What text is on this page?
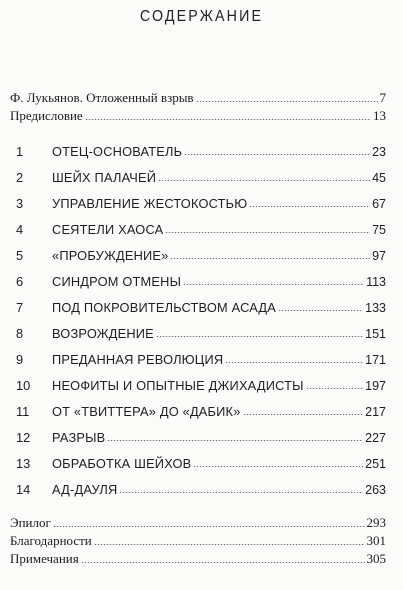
СОДЕРЖАНИЕ
Ф. Лукьянов. Отложенный взрыв	7
Предисловие	13
1	ОТЕЦ-ОСНОВАТЕЛЬ	23
2	ШЕЙХ ПАЛАЧЕЙ	45
3	УПРАВЛЕНИЕ ЖЕСТОКОСТЬЮ	67
4	СЕЯТЕЛИ ХАОСА	75
5	«ПРОБУЖДЕНИЕ»	97
6	СИНДРОМ ОТМЕНЫ	113
7	ПОД ПОКРОВИТЕЛЬСТВОМ АСАДА	133
8	ВОЗРОЖДЕНИЕ	151
9	ПРЕДАННАЯ РЕВОЛЮЦИЯ	171
10	НЕОФИТЫ И ОПЫТНЫЕ ДЖИХАДИСТЫ	197
11	ОТ «ТВИТТЕРА» ДО «ДАБИК»	217
12	РАЗРЫВ	227
13	ОБРАБОТКА ШЕЙХОВ	251
14	АД-ДАУЛЯ	263
Эпилог	293
Благодарности	301
Примечания	305
